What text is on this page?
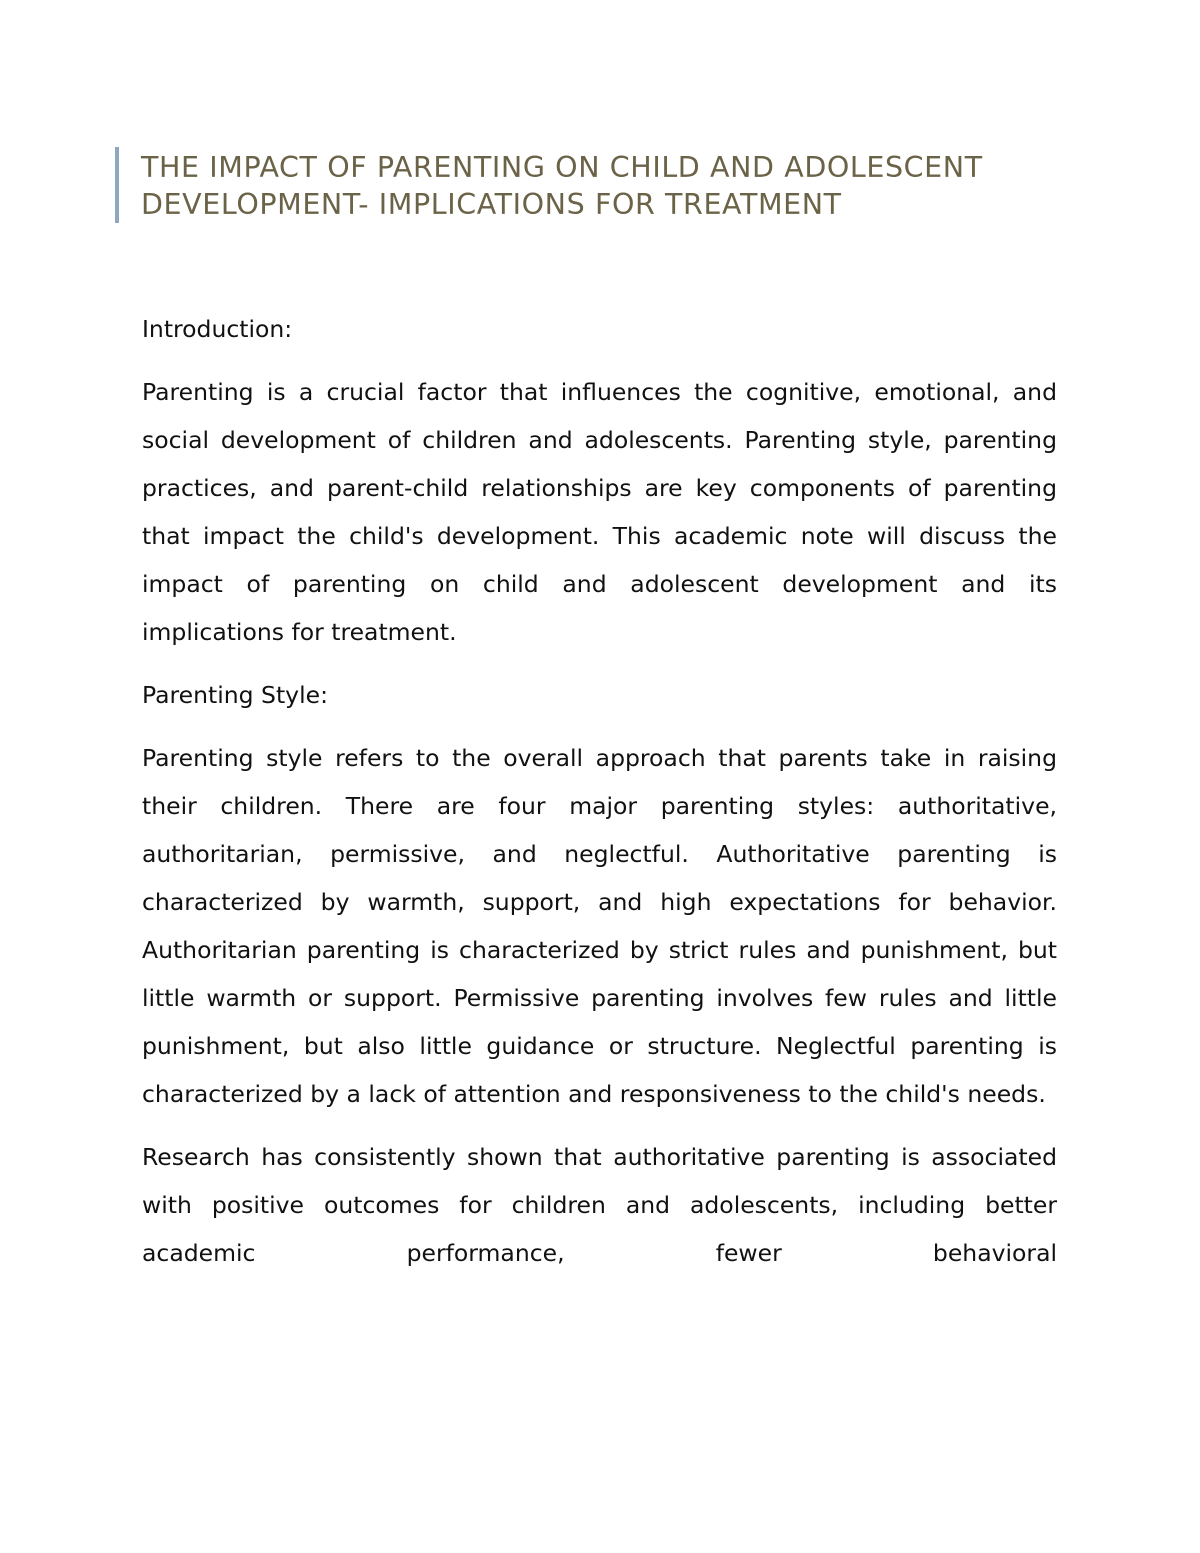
THE IMPACT OF PARENTING ON CHILD AND ADOLESCENT DEVELOPMENT- IMPLICATIONS FOR TREATMENT

Introduction:

Parenting is a crucial factor that influences the cognitive, emotional, and social development of children and adolescents. Parenting style, parenting practices, and parent-child relationships are key components of parenting that impact the child's development. This academic note will discuss the impact of parenting on child and adolescent development and its implications for treatment.

Parenting Style:

Parenting style refers to the overall approach that parents take in raising their children. There are four major parenting styles: authoritative, authoritarian, permissive, and neglectful. Authoritative parenting is characterized by warmth, support, and high expectations for behavior. Authoritarian parenting is characterized by strict rules and punishment, but little warmth or support. Permissive parenting involves few rules and little punishment, but also little guidance or structure. Neglectful parenting is characterized by a lack of attention and responsiveness to the child's needs.

Research has consistently shown that authoritative parenting is associated with positive outcomes for children and adolescents, including better academic performance, fewer behavioral
